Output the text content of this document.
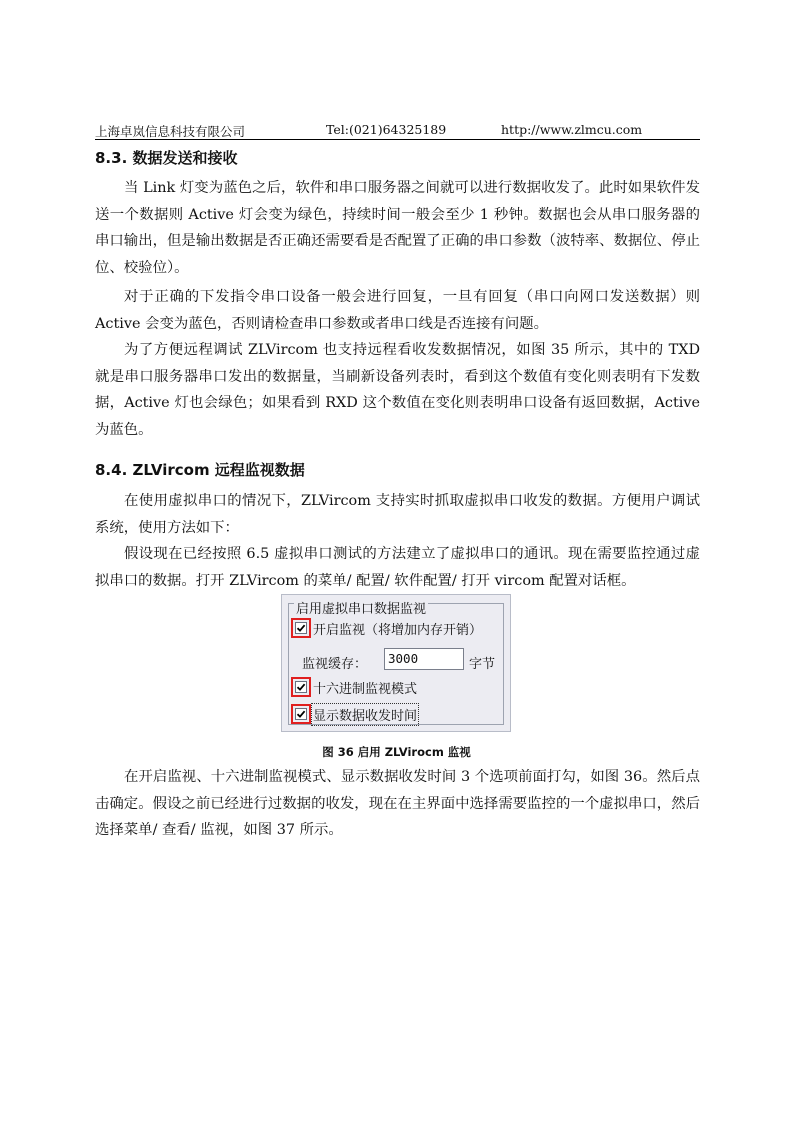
上海卓岚信息科技有限公司	Tel:(021)64325189	http://www.zlmcu.com
8.3. 数据发送和接收

当 Link 灯变为蓝色之后，软件和串口服务器之间就可以进行数据收发了。此时如果软件发送一个数据则 Active 灯会变为绿色，持续时间一般会至少 1 秒钟。数据也会从串口服务器的串口输出，但是输出数据是否正确还需要看是否配置了正确的串口参数（波特率、数据位、停止位、校验位）。

对于正确的下发指令串口设备一般会进行回复，一旦有回复（串口向网口发送数据）则 Active 会变为蓝色，否则请检查串口参数或者串口线是否连接有问题。

为了方便远程调试 ZLVircom 也支持远程看收发数据情况，如图 35 所示，其中的 TXD 就是串口服务器串口发出的数据量，当刷新设备列表时，看到这个数值有变化则表明有下发数据，Active 灯也会绿色；如果看到 RXD 这个数值在变化则表明串口设备有返回数据，Active 为蓝色。

8.4. ZLVircom 远程监视数据

在使用虚拟串口的情况下，ZLVircom 支持实时抓取虚拟串口收发的数据。方便用户调试系统，使用方法如下：

假设现在已经按照 6.5 虚拟串口测试的方法建立了虚拟串口的通讯。现在需要监控通过虚拟串口的数据。打开 ZLVircom 的菜单/ 配置/ 软件配置/ 打开 vircom 配置对话框。

启用虚拟串口数据监视
开启监视（将增加内存开销）
监视缓存：	3000	字节
十六进制监视模式
显示数据收发时间
图 36 启用 ZLVirocm 监视

在开启监视、十六进制监视模式、显示数据收发时间 3 个选项前面打勾，如图 36。然后点击确定。假设之前已经进行过数据的收发，现在在主界面中选择需要监控的一个虚拟串口，然后选择菜单/ 查看/ 监视，如图 37 所示。
